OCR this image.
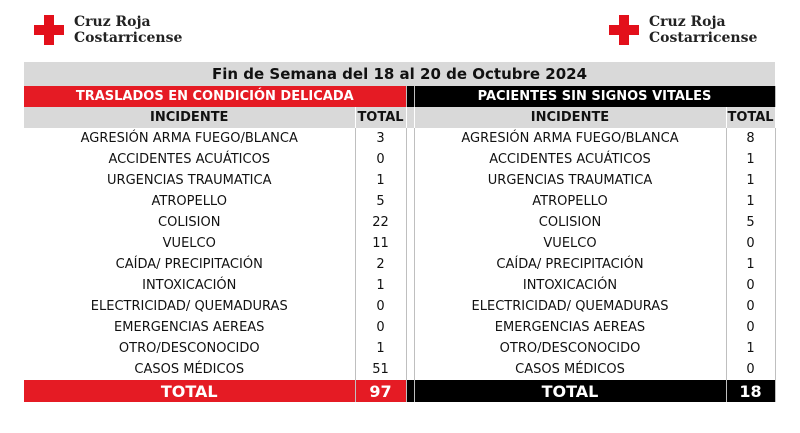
Cruz Roja
Costarricense
Cruz Roja
Costarricense
Fin de Semana del 18 al 20 de Octubre 2024				
TRASLADOS EN CONDICIÓN DELICADA			PACIENTES SIN SIGNOS VITALES	
INCIDENTE	TOTAL		INCIDENTE	TOTAL
AGRESIÓN ARMA FUEGO/BLANCA	3		AGRESIÓN ARMA FUEGO/BLANCA	8
ACCIDENTES ACUÁTICOS	0		ACCIDENTES ACUÁTICOS	1
URGENCIAS TRAUMATICA	1		URGENCIAS TRAUMATICA	1
ATROPELLO	5		ATROPELLO	1
COLISION	22		COLISION	5
VUELCO	11		VUELCO	0
CAÍDA/ PRECIPITACIÓN	2		CAÍDA/ PRECIPITACIÓN	1
INTOXICACIÓN	1		INTOXICACIÓN	0
ELECTRICIDAD/ QUEMADURAS	0		ELECTRICIDAD/ QUEMADURAS	0
EMERGENCIAS AEREAS	0		EMERGENCIAS AEREAS	0
OTRO/DESCONOCIDO	1		OTRO/DESCONOCIDO	1
CASOS MÉDICOS	51		CASOS MÉDICOS	0
TOTAL	97		TOTAL	18
